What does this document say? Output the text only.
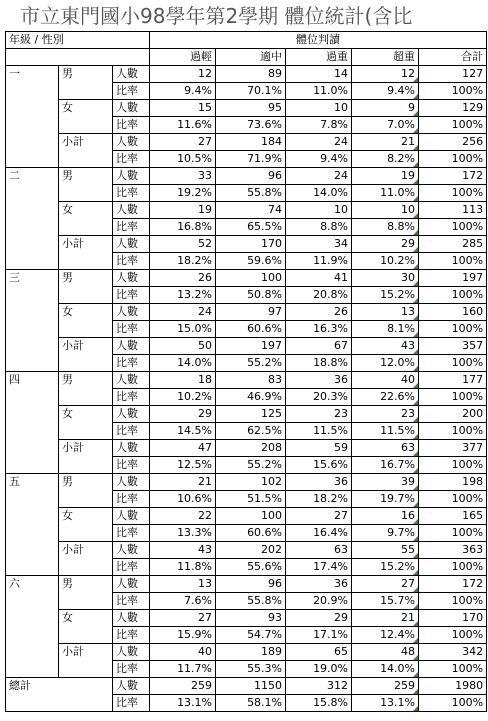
市立東門國小98學年第2學期 體位統計(含比
年級 / 性別			體位判讀				
			過輕	適中	過重	超重	合計
一	男	人數	12	89	14	12	127
		比率	9.4%	70.1%	11.0%	9.4%	100%
	女	人數	15	95	10	9	129
		比率	11.6%	73.6%	7.8%	7.0%	100%
	小計	人數	27	184	24	21	256
		比率	10.5%	71.9%	9.4%	8.2%	100%
二	男	人數	33	96	24	19	172
		比率	19.2%	55.8%	14.0%	11.0%	100%
	女	人數	19	74	10	10	113
		比率	16.8%	65.5%	8.8%	8.8%	100%
	小計	人數	52	170	34	29	285
		比率	18.2%	59.6%	11.9%	10.2%	100%
三	男	人數	26	100	41	30	197
		比率	13.2%	50.8%	20.8%	15.2%	100%
	女	人數	24	97	26	13	160
		比率	15.0%	60.6%	16.3%	8.1%	100%
	小計	人數	50	197	67	43	357
		比率	14.0%	55.2%	18.8%	12.0%	100%
四	男	人數	18	83	36	40	177
		比率	10.2%	46.9%	20.3%	22.6%	100%
	女	人數	29	125	23	23	200
		比率	14.5%	62.5%	11.5%	11.5%	100%
	小計	人數	47	208	59	63	377
		比率	12.5%	55.2%	15.6%	16.7%	100%
五	男	人數	21	102	36	39	198
		比率	10.6%	51.5%	18.2%	19.7%	100%
	女	人數	22	100	27	16	165
		比率	13.3%	60.6%	16.4%	9.7%	100%
	小計	人數	43	202	63	55	363
		比率	11.8%	55.6%	17.4%	15.2%	100%
六	男	人數	13	96	36	27	172
		比率	7.6%	55.8%	20.9%	15.7%	100%
	女	人數	27	93	29	21	170
		比率	15.9%	54.7%	17.1%	12.4%	100%
	小計	人數	40	189	65	48	342
		比率	11.7%	55.3%	19.0%	14.0%	100%
總計		人數	259	1150	312	259	1980
		比率	13.1%	58.1%	15.8%	13.1%	100%
